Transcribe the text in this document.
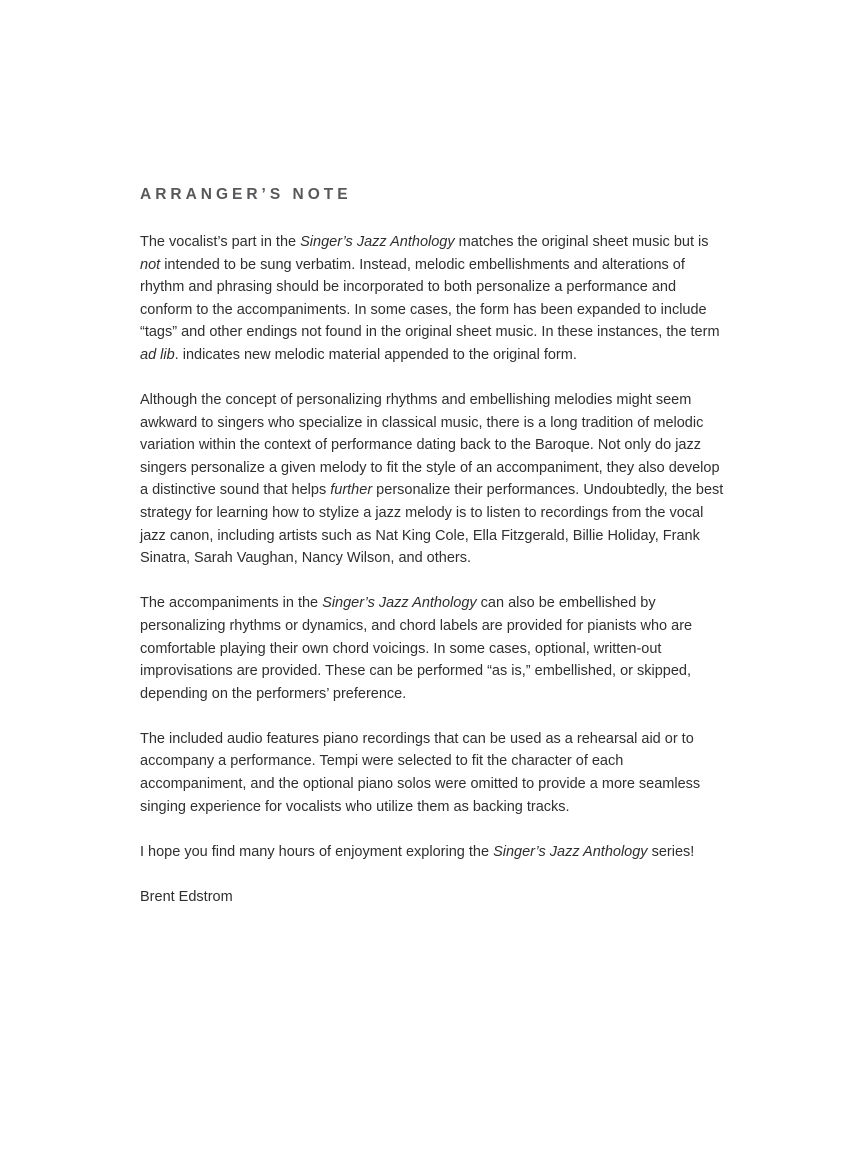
ARRANGER’S NOTE

The vocalist’s part in the Singer’s Jazz Anthology matches the original sheet music but is not intended to be sung verbatim. Instead, melodic embellishments and alterations of rhythm and phrasing should be incorporated to both personalize a performance and conform to the accompaniments. In some cases, the form has been expanded to include “tags” and other endings not found in the original sheet music. In these instances, the term ad lib. indicates new melodic material appended to the original form.

Although the concept of personalizing rhythms and embellishing melodies might seem awkward to singers who specialize in classical music, there is a long tradition of melodic variation within the context of performance dating back to the Baroque. Not only do jazz singers personalize a given melody to fit the style of an accompaniment, they also develop a distinctive sound that helps further personalize their performances. Undoubtedly, the best strategy for learning how to stylize a jazz melody is to listen to recordings from the vocal jazz canon, including artists such as Nat King Cole, Ella Fitzgerald, Billie Holiday, Frank Sinatra, Sarah Vaughan, Nancy Wilson, and others.

The accompaniments in the Singer’s Jazz Anthology can also be embellished by personalizing rhythms or dynamics, and chord labels are provided for pianists who are comfortable playing their own chord voicings. In some cases, optional, written-out improvisations are provided. These can be performed “as is,” embellished, or skipped, depending on the performers’ preference.

The included audio features piano recordings that can be used as a rehearsal aid or to accompany a performance. Tempi were selected to fit the character of each accompaniment, and the optional piano solos were omitted to provide a more seamless singing experience for vocalists who utilize them as backing tracks.

I hope you find many hours of enjoyment exploring the Singer’s Jazz Anthology series!

Brent Edstrom
